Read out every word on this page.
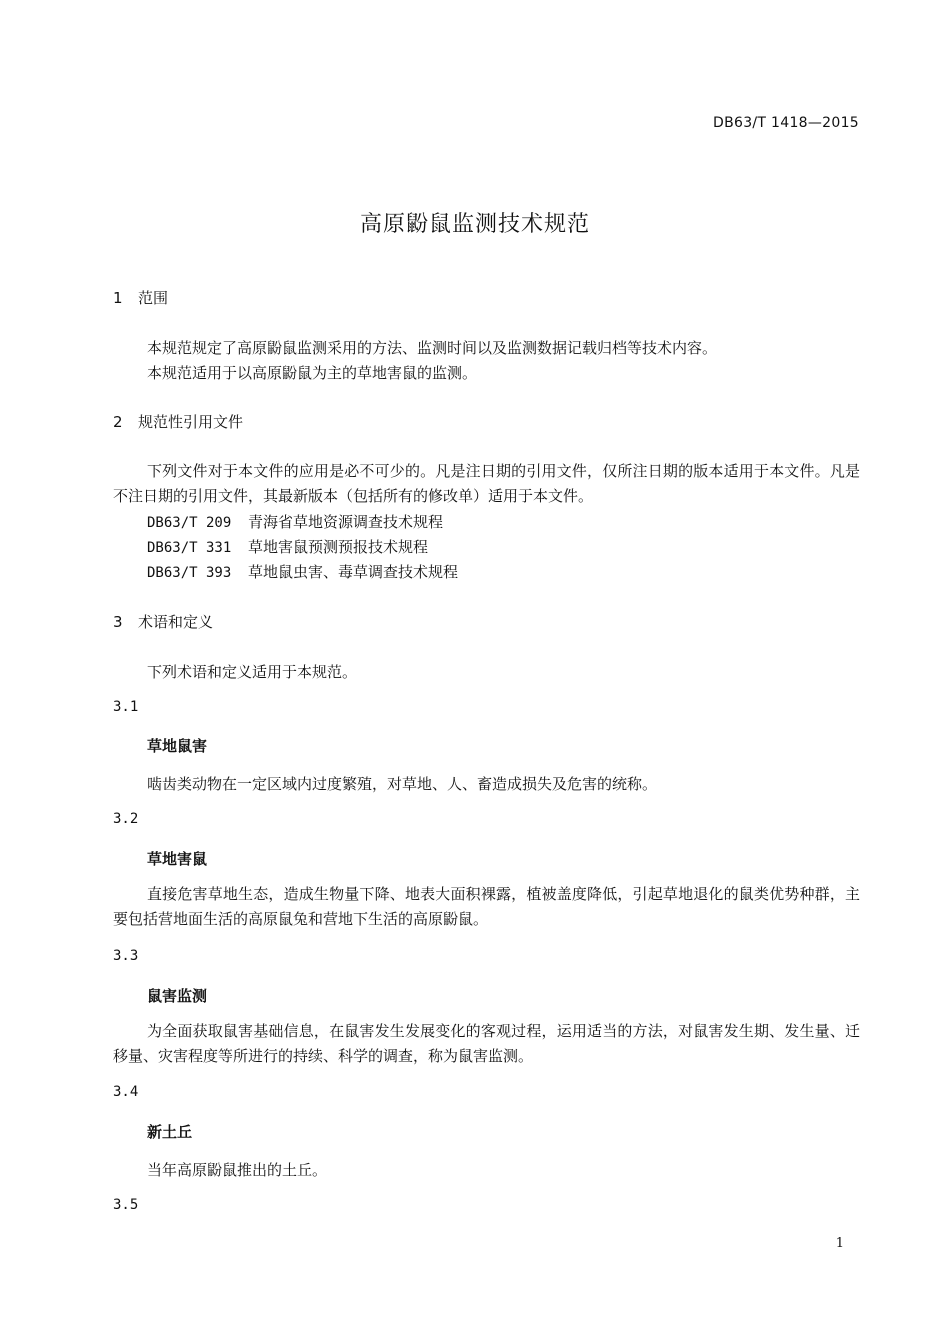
DB63/T 1418—2015
高原鼢鼠监测技术规范
1 范围
本规范规定了高原鼢鼠监测采用的方法、监测时间以及监测数据记载归档等技术内容。
本规范适用于以高原鼢鼠为主的草地害鼠的监测。
2 规范性引用文件
下列文件对于本文件的应用是必不可少的。凡是注日期的引用文件，仅所注日期的版本适用于本文件。凡是不注日期的引用文件，其最新版本（包括所有的修改单）适用于本文件。
DB63/T 209 青海省草地资源调查技术规程
DB63/T 331 草地害鼠预测预报技术规程
DB63/T 393 草地鼠虫害、毒草调查技术规程
3 术语和定义
下列术语和定义适用于本规范。
3.1
草地鼠害
啮齿类动物在一定区域内过度繁殖，对草地、人、畜造成损失及危害的统称。
3.2
草地害鼠
直接危害草地生态，造成生物量下降、地表大面积裸露，植被盖度降低，引起草地退化的鼠类优势种群，主要包括营地面生活的高原鼠兔和营地下生活的高原鼢鼠。
3.3
鼠害监测
为全面获取鼠害基础信息，在鼠害发生发展变化的客观过程，运用适当的方法，对鼠害发生期、发生量、迁移量、灾害程度等所进行的持续、科学的调查，称为鼠害监测。
3.4
新土丘
当年高原鼢鼠推出的土丘。
3.5
1
